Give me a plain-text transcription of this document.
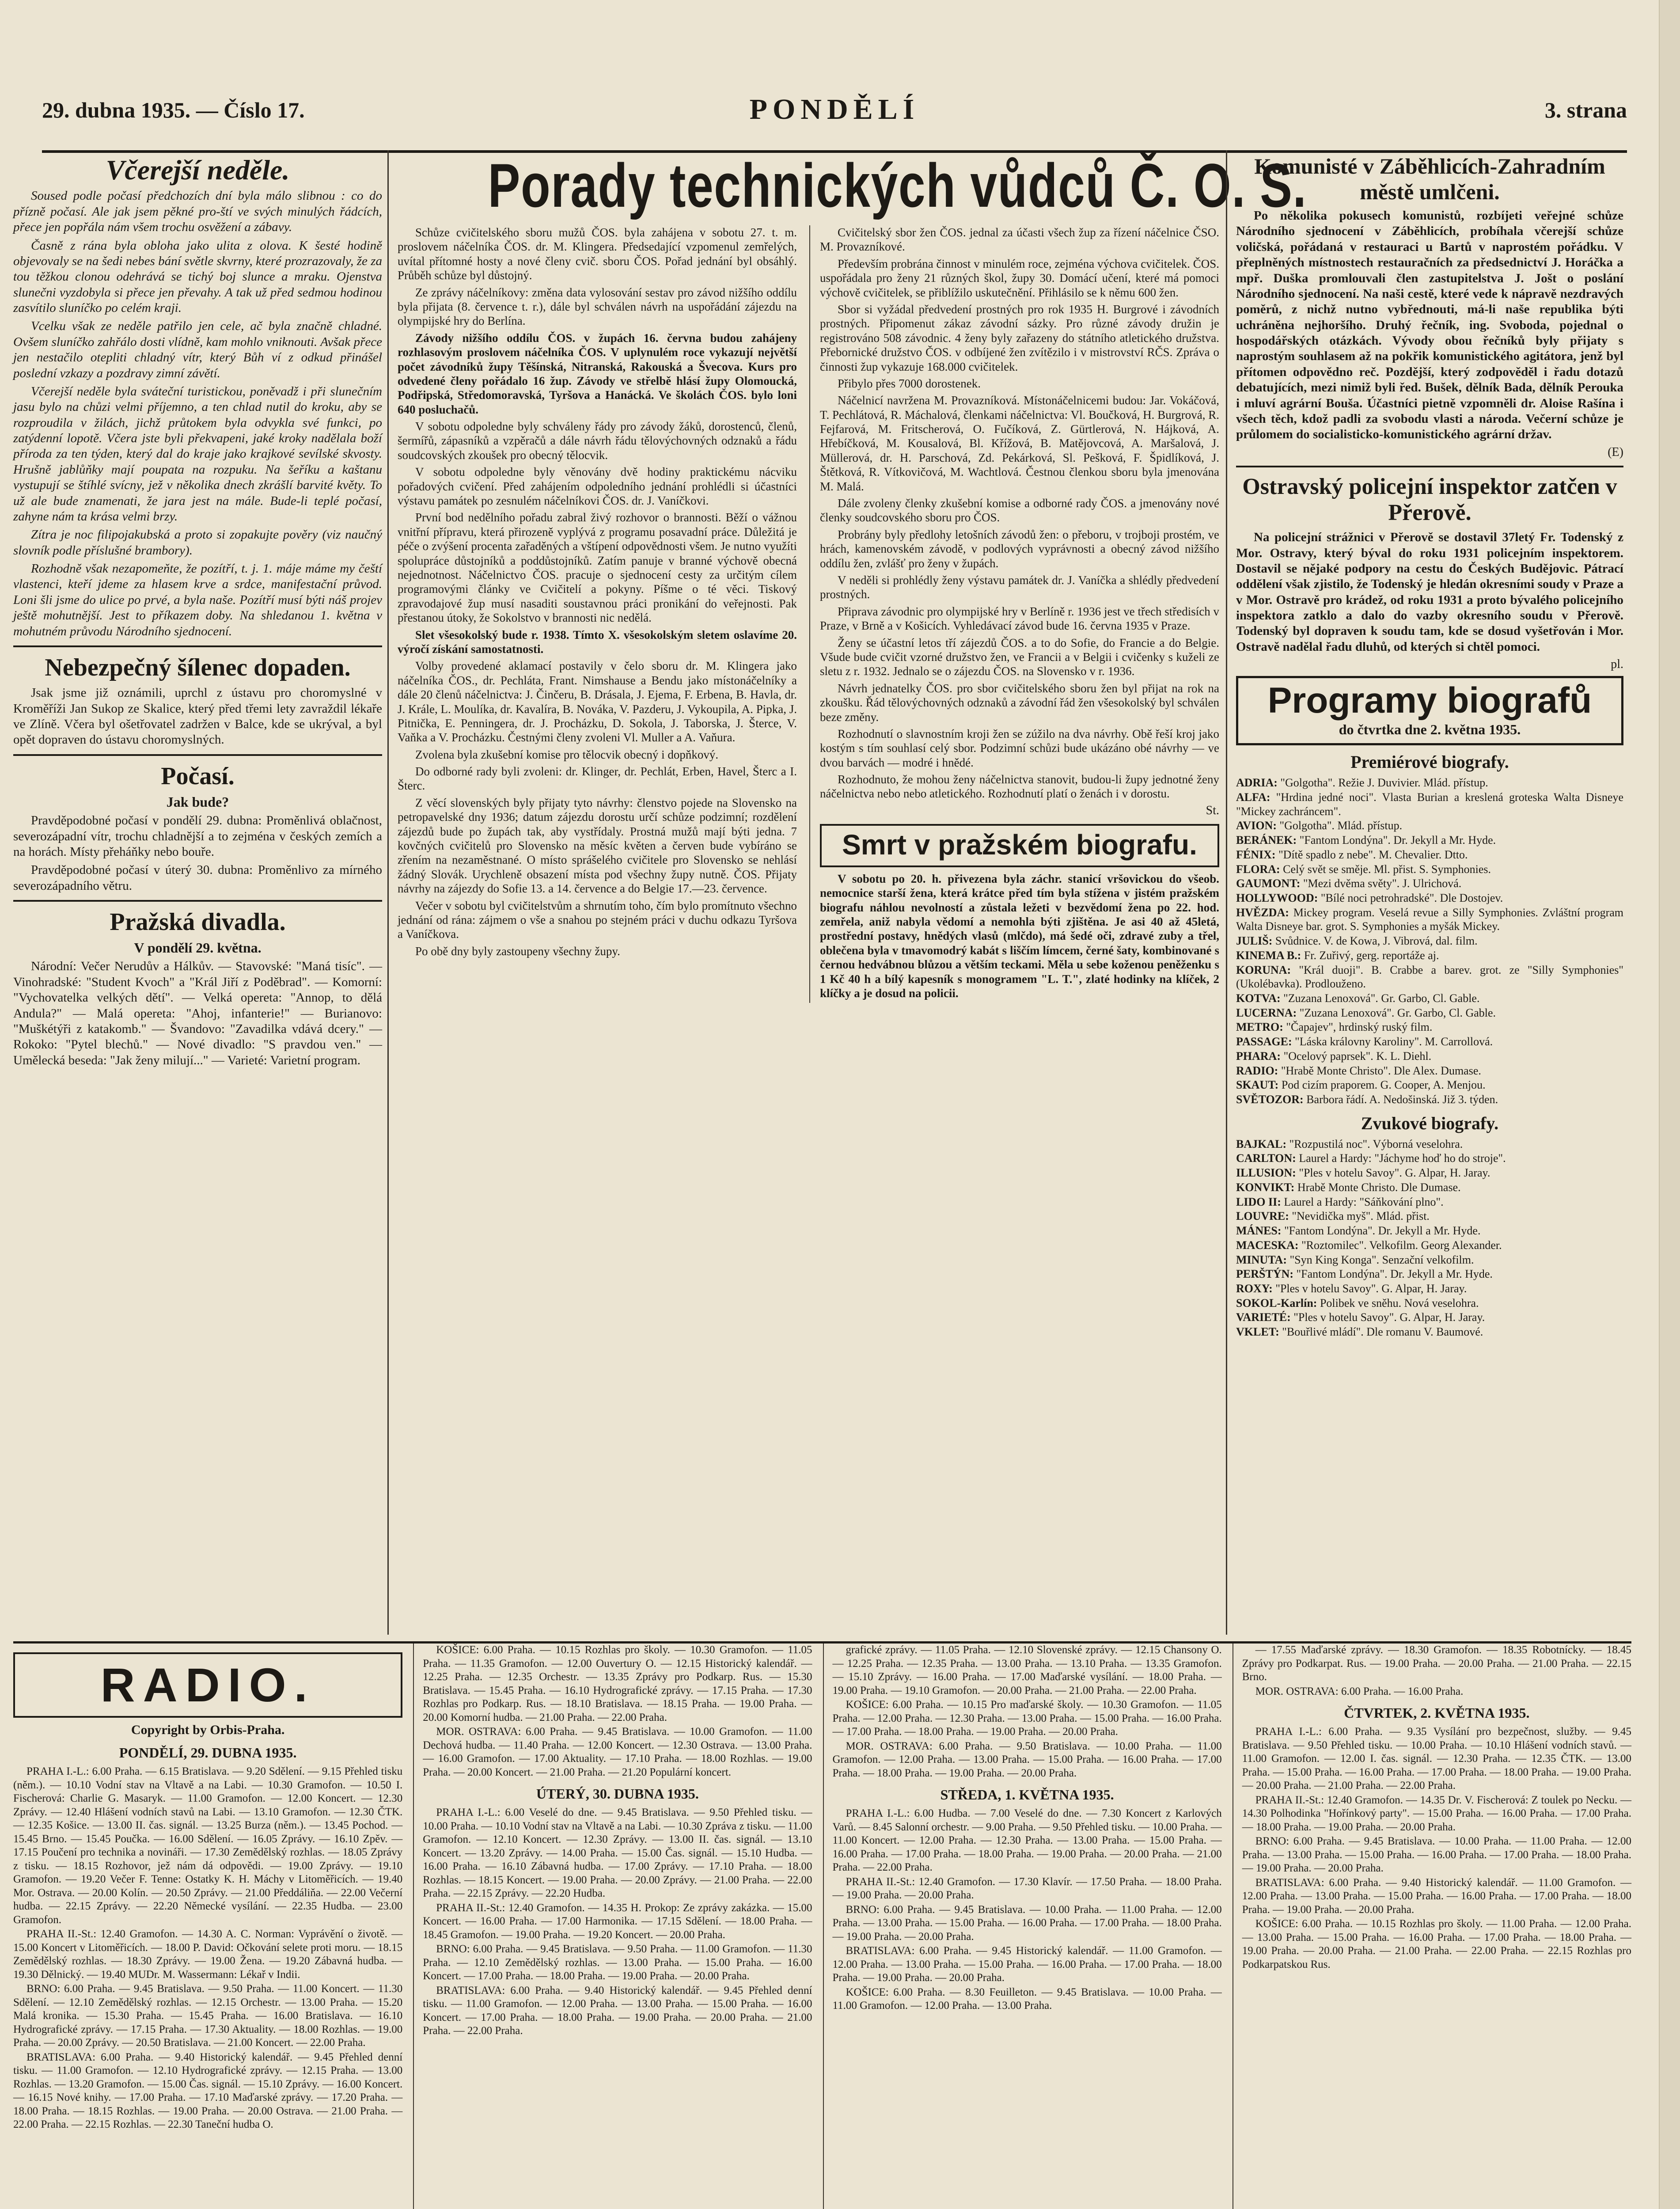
29. dubna 1935. — Číslo 17.	PONDĚLÍ	3. strana
Včerejší neděle.

Soused podle počasí předchozích dní byla málo slibnou : co do přízně počasí. Ale jak jsem pěkné pro-ští ve svých minulých řádcích, přece jen popřála nám všem trochu osvěžení a zábavy.

Časně z rána byla obloha jako ulita z olova. K šesté hodině objevovaly se na šedi nebes bání světle skvrny, které prozrazovaly, že za tou těžkou clonou odehrává se tichý boj slunce a mraku. Ojenstva slunečni vyzdobyla si přece jen převahy. A tak už před sedmou hodinou zasvítilo sluníčko po celém kraji.

Vcelku však ze neděle patřilo jen cele, ač byla značně chladné. Ovšem sluníčko zahřálo dosti vlídně, kam mohlo vniknouti. Avšak přece jen nestačilo otepliti chladný vítr, který Bůh ví z odkud přinášel poslední vzkazy a pozdravy zimní závětí.

Včerejší neděle byla sváteční turistickou, poněvadž i při slunečním jasu bylo na chůzi velmi příjemno, a ten chlad nutil do kroku, aby se rozproudila v žilách, jichž průtokem byla odvykla své funkci, po zatýdenní lopotě. Včera jste byli překvapeni, jaké kroky nadělala boží příroda za ten týden, který dal do kraje jako krajkové sevílské skvosty. Hrušně jablůňky mají poupata na rozpuku. Na šeříku a kaštanu vystupují se štíhlé svícny, jež v několika dnech zkrášlí barvité květy. To už ale bude znamenati, že jara jest na mále. Bude-li teplé počasí, zahyne nám ta krása velmi brzy.

Zítra je noc filipojakubská a proto si zopakujte pověry (viz naučný slovník podle příslušné brambory).

Rozhodně však nezapomeňte, že pozítří, t. j. 1. máje máme my čeští vlastenci, kteří jdeme za hlasem krve a srdce, manifestační průvod. Loni šli jsme do ulice po prvé, a byla naše. Pozítří musí býti náš projev ještě mohutnější. Jest to příkazem doby. Na shledanou 1. května v mohutném průvodu Národního sjednocení.

Nebezpečný šílenec dopaden.

Jsak jsme již oznámili, uprchl z ústavu pro choromyslné v Kroměříži Jan Sukop ze Skalice, který před třemi lety zavraždil lékaře ve Zlíně. Včera byl ošetřovatel zadržen v Balce, kde se ukrýval, a byl opět dopraven do ústavu choromyslných.

Počasí.
Jak bude?

Pravděpodobné počasí v pondělí 29. dubna: Proměnlivá oblačnost, severozápadní vítr, trochu chladnější a to zejména v českých zemích a na horách. Místy přeháňky nebo bouře.

Pravděpodobné počasí v úterý 30. dubna: Proměnlivo za mírného severozápadního větru.

Pražská divadla.
V pondělí 29. května.

Národní: Večer Nerudův a Hálkův. — Stavovské: "Maná tisíc". — Vinohradské: "Student Kvoch" a "Král Jiří z Poděbrad". — Komorní: "Vychovatelka velkých dětí". — Velká opereta: "Annop, to dělá Andula?" — Malá opereta: "Ahoj, infanterie!" — Burianovo: "Muškétýři z katakomb." — Švandovo: "Zavadilka vdává dcery." — Rokoko: "Pytel blechů." — Nové divadlo: "S pravdou ven." — Umělecká beseda: "Jak ženy milují..." — Varieté: Varietní program.

Porady technických vůdců Č. O. S.

Schůze cvičitelského sboru mužů ČOS. byla zahájena v sobotu 27. t. m. proslovem náčelníka ČOS. dr. M. Klingera. Předsedající vzpomenul zemřelých, uvítal přítomné hosty a nové členy cvič. sboru ČOS. Pořad jednání byl obsáhlý. Průběh schůze byl důstojný.

Ze zprávy náčelníkovy: změna data vylosování sestav pro závod nižšího oddílu byla přijata (8. července t. r.), dále byl schválen návrh na uspořádání zájezdu na olympijské hry do Berlína.

Závody nižšího oddílu ČOS. v župách 16. června budou zahájeny rozhlasovým proslovem náčelníka ČOS. V uplynulém roce vykazují největší počet závodníků župy Těšínská, Nitranská, Rakouská a Švecova. Kurs pro odvedené členy pořádalo 16 žup. Závody ve střelbě hlásí župy Olomoucká, Podřipská, Středomoravská, Tyršova a Hanácká. Ve školách ČOS. bylo loni 640 posluchačů.

V sobotu odpoledne byly schváleny řády pro závody žáků, dorostenců, členů, šermířů, zápasníků a vzpěračů a dále návrh řádu tělovýchovných odznaků a řádu soudcovských zkoušek pro obecný tělocvik.

V sobotu odpoledne byly věnovány dvě hodiny praktickému nácviku pořadových cvičení. Před zahájením odpoledního jednání prohlédli si účastníci výstavu památek po zesnulém náčelníkovi ČOS. dr. J. Vaníčkovi.

První bod nedělního pořadu zabral živý rozhovor o brannosti. Běží o vážnou vnitřní přípravu, která přirozeně vyplývá z programu posavadní práce. Důležitá je péče o zvýšení procenta zařaděných a vštípení odpovědnosti všem. Je nutno využíti spolupráce důstojníků a poddůstojníků. Zatím panuje v branné výchově obecná nejednotnost. Náčelnictvo ČOS. pracuje o sjednocení cesty za určitým cílem programovými články ve Cvičitelí a pokyny. Píšme o té věci. Tiskový zpravodajové žup musí nasaditi soustavnou práci pronikání do veřejnosti. Pak přestanou útoky, že Sokolstvo v brannosti nic nedělá.

Slet všesokolský bude r. 1938. Tímto X. všesokolským sletem oslavíme 20. výročí získání samostatnosti.

Volby provedené aklamací postavily v čelo sboru dr. M. Klingera jako náčelníka ČOS., dr. Pechláta, Frant. Nimshause a Bendu jako místonáčelníky a dále 20 členů náčelnictva: J. Činčeru, B. Drásala, J. Ejema, F. Erbena, B. Havla, dr. J. Krále, L. Moulíka, dr. Kavalíra, B. Nováka, V. Pazderu, J. Vykoupila, A. Pipka, J. Pitnička, E. Penningera, dr. J. Procházku, D. Sokola, J. Taborska, J. Šterce, V. Vaňka a V. Procházku. Čestnými členy zvoleni Vl. Muller a A. Vaňura.

Zvolena byla zkušební komise pro tělocvik obecný i dopňkový.

Do odborné rady byli zvoleni: dr. Klinger, dr. Pechlát, Erben, Havel, Šterc a I. Šterc.

Z věcí slovenských byly přijaty tyto návrhy: členstvo pojede na Slovensko na petropavelské dny 1936; datum zájezdu dorostu určí schůze podzimní; rozdělení zájezdů bude po župách tak, aby vystřídaly. Prostná mužů mají býti jedna. 7 kovčných cvičitelů pro Slovensko na měsíc květen a červen bude vybíráno se zřením na nezaměstnané. O místo sprášelého cvičitele pro Slovensko se nehlásí žádný Slovák. Urychleně obsazení místa pod všechny župy nutně. ČOS. Přijaty návrhy na zájezdy do Sofie 13. a 14. července a do Belgie 17.—23. července.

Večer v sobotu byl cvičitelstvům a shrnutím toho, čím bylo promítnuto všechno jednání od rána: zájmem o vše a snahou po stejném práci v duchu odkazu Tyršova a Vaníčkova.

Po obě dny byly zastoupeny všechny župy.

Cvičitelský sbor žen ČOS. jednal za účasti všech žup za řízení náčelnice ČSO. M. Provazníkové.

Především probrána činnost v minulém roce, zejména výchova cvičitelek. ČOS. uspořádala pro ženy 21 různých škol, župy 30. Domácí učení, které má pomoci výchově cvičitelek, se přiblížilo uskutečnění. Přihlásilo se k němu 600 žen.

Sbor si vyžádal předvedení prostných pro rok 1935 H. Burgrové i závodních prostných. Připomenut zákaz závodní sázky. Pro různé závody družin je registrováno 508 závodnic. 4 ženy byly zařazeny do státního atletického družstva. Přebornické družstvo ČOS. v odbíjené žen zvítězilo i v mistrovství RČS. Zpráva o činnosti žup vykazuje 168.000 cvičitelek.

Přibylo přes 7000 dorostenek.

Náčelnicí navržena M. Provazníková. Místonáčelnicemi budou: Jar. Vokáčová, T. Pechlátová, R. Máchalová, členkami náčelnictva: Vl. Boučková, H. Burgrová, R. Fejfarová, M. Fritscherová, O. Fučíková, Z. Gürtlerová, N. Hájková, A. Hřebíčková, M. Kousalová, Bl. Křížová, B. Matějovcová, A. Maršalová, J. Müllerová, dr. H. Parschová, Zd. Pekárková, Sl. Pešková, F. Špidlíková, J. Štětková, R. Vítkovičová, M. Wachtlová. Čestnou členkou sboru byla jmenována M. Malá.

Dále zvoleny členky zkušební komise a odborné rady ČOS. a jmenovány nové členky soudcovského sboru pro ČOS.

Probrány byly předlohy letošních závodů žen: o přeboru, v trojboji prostém, ve hrách, kamenovském závodě, v podlových vyprávnosti a obecný závod nižšího oddílu žen, zvlášť pro ženy v župách.

V neděli si prohlédly ženy výstavu památek dr. J. Vaníčka a shlédly předvedení prostných.

Připrava závodnic pro olympijské hry v Berlíně r. 1936 jest ve třech středisích v Praze, v Brně a v Košicích. Vyhledávací závod bude 16. června 1935 v Praze.

Ženy se účastní letos tří zájezdů ČOS. a to do Sofie, do Francie a do Belgie. Všude bude cvičit vzorné družstvo žen, ve Francii a v Belgii i cvičenky s kuželi ze sletu z r. 1932. Jednalo se o zájezdu ČOS. na Slovensko v r. 1936.

Návrh jednatelky ČOS. pro sbor cvičitelského sboru žen byl přijat na rok na zkoušku. Řád tělovýchovných odznaků a závodní řád žen všesokolský byl schválen beze změny.

Rozhodnutí o slavnostním kroji žen se zúžilo na dva návrhy. Obě řeší kroj jako kostým s tím souhlasí celý sbor. Podzimní schůzi bude ukázáno obé návrhy — ve dvou barvách — modré i hnědé.

Rozhodnuto, že mohou ženy náčelnictva stanovit, budou-li župy jednotné ženy náčelnictva nebo nebo atletického. Rozhodnutí platí o ženách i v dorostu.

St.
Smrt v pražském biografu.

V sobotu po 20. h. přivezena byla záchr. stanicí vršovickou do všeob. nemocnice starší žena, která krátce před tím byla stížena v jistém pražském biografu náhlou nevolností a zůstala ležeti v bezvědomí žena po 22. hod. zemřela, aniž nabyla vědomí a nemohla býti zjištěna. Je asi 40 až 45letá, prostřední postavy, hnědých vlasů (mlčdo), má šedé oči, zdravé zuby a třel, oblečena byla v tmavomodrý kabát s liščím límcem, černé šaty, kombinované s černou hedvábnou blůzou a větším teckami. Měla u sebe koženou peněženku s 1 Kč 40 h a bílý kapesník s monogramem "L. T.", zlaté hodinky na klíček, 2 klíčky a je dosud na policii.

Komunisté v Záběhlicích-Zahradním městě umlčeni.

Po několika pokusech komunistů, rozbíjeti veřejné schůze Národního sjednocení v Záběhlicích, probíhala včerejší schůze voličská, pořádaná v restauraci u Bartů v naprostém pořádku. V přeplněných místnostech restauračních za předsednictví J. Horáčka a mpř. Duška promlouvali člen zastupitelstva J. Jošt o poslání Národního sjednocení. Na naši cestě, které vede k nápravě nezdravých poměrů, z nichž nutno vybřednouti, má-li naše republika býti uchráněna nejhoršího. Druhý řečník, ing. Svoboda, pojednal o hospodářských otázkách. Vývody obou řečníků byly přijaty s naprostým souhlasem až na pokřik komunistického agitátora, jenž byl přítomen odpovědno reč. Pozdější, který zodpověděl i řadu dotazů debatujících, mezi nimiž byli řed. Bušek, dělník Bada, dělník Perouka i mluví agrární Bouša. Účastníci pietně vzpomněli dr. Aloise Rašína i všech těch, kdož padli za svobodu vlasti a národa. Večerní schůze je průlomem do socialisticko-komunistického agrární držav.

(E)
Ostravský policejní inspektor zatčen v Přerově.

Na policejní strážnici v Přerově se dostavil 37letý Fr. Todenský z Mor. Ostravy, který býval do roku 1931 policejním inspektorem. Dostavil se nějaké podpory na cestu do Českých Budějovic. Pátrací oddělení však zjistilo, že Todenský je hledán okresními soudy v Praze a v Mor. Ostravě pro krádež, od roku 1931 a proto bývalého policejního inspektora zatklo a dalo do vazby okresního soudu v Přerově. Todenský byl dopraven k soudu tam, kde se dosud vyšetřován i Mor. Ostravě nadělal řadu dluhů, od kterých si chtěl pomoci.

pl.
Programy biografů
do čtvrtka dne 2. května 1935.
Premiérové biografy.
ADRIA: "Golgotha". Režie J. Duvivier. Mlád. přístup.
ALFA: "Hrdina jedné noci". Vlasta Burian a kreslená groteska Walta Disneye "Mickey zachráncem".
AVION: "Golgotha". Mlád. přístup.
BERÁNEK: "Fantom Londýna". Dr. Jekyll a Mr. Hyde.
FÉNIX: "Dítě spadlo z nebe". M. Chevalier. Dtto.
FLORA: Celý svět se směje. Ml. přist. S. Symphonies.
GAUMONT: "Mezi dvěma světy". J. Ulrichová.
HOLLYWOOD: "Bílé noci petrohradské". Dle Dostojev.
HVĚZDA: Mickey program. Veselá revue a Silly Symphonies. Zvláštní program Walta Disneye bar. grot. S. Symphonies a myšák Mickey.
JULIŠ: Svůdnice. V. de Kowa, J. Vibrová, dal. film.
KINEMA B.: Fr. Zuřivý, gerg. reportáže aj.
KORUNA: "Král duoji". B. Crabbe a barev. grot. ze "Silly Symphonies" (Ukolébavka). Prodlouženo.
KOTVA: "Zuzana Lenoxová". Gr. Garbo, Cl. Gable.
LUCERNA: "Zuzana Lenoxová". Gr. Garbo, Cl. Gable.
METRO: "Čapajev", hrdinský ruský film.
PASSAGE: "Láska královny Karoliny". M. Carrollová.
PHARA: "Ocelový paprsek". K. L. Diehl.
RADIO: "Hrabě Monte Christo". Dle Alex. Dumase.
SKAUT: Pod cizím praporem. G. Cooper, A. Menjou.
SVĚTOZOR: Barbora řádí. A. Nedošinská. Již 3. týden.
Zvukové biografy.
BAJKAL: "Rozpustilá noc". Výborná veselohra.
CARLTON: Laurel a Hardy: "Jáchyme hoď ho do stroje".
ILLUSION: "Ples v hotelu Savoy". G. Alpar, H. Jaray.
KONVIKT: Hrabě Monte Christo. Dle Dumase.
LIDO II: Laurel a Hardy: "Sáňkování plno".
LOUVRE: "Nevidička myš". Mlád. přist.
MÁNES: "Fantom Londýna". Dr. Jekyll a Mr. Hyde.
MACESKA: "Roztomilec". Velkofilm. Georg Alexander.
MINUTA: "Syn King Konga". Senzační velkofilm.
PERŠTÝN: "Fantom Londýna". Dr. Jekyll a Mr. Hyde.
ROXY: "Ples v hotelu Savoy". G. Alpar, H. Jaray.
SOKOL-Karlín: Polibek ve sněhu. Nová veselohra.
VARIETÉ: "Ples v hotelu Savoy". G. Alpar, H. Jaray.
VKLET: "Bouřlivé mládí". Dle romanu V. Baumové.
RADIO.
Copyright by Orbis-Praha.
PONDĚLÍ, 29. DUBNA 1935.

PRAHA I.-L.: 6.00 Praha. — 6.15 Bratislava. — 9.20 Sdělení. — 9.15 Přehled tisku (něm.). — 10.10 Vodní stav na Vltavě a na Labi. — 10.30 Gramofon. — 10.50 I. Fischerová: Charlie G. Masaryk. — 11.00 Gramofon. — 12.00 Koncert. — 12.30 Zprávy. — 12.40 Hlášení vodních stavů na Labi. — 13.10 Gramofon. — 12.30 ČTK. — 12.35 Košice. — 13.00 II. čas. signál. — 13.25 Burza (něm.). — 13.45 Pochod. — 15.45 Brno. — 15.45 Poučka. — 16.00 Sdělení. — 16.05 Zprávy. — 16.10 Zpěv. — 17.15 Poučení pro technika a novináři. — 17.30 Zemědělský rozhlas. — 18.05 Zprávy z tisku. — 18.15 Rozhovor, jež nám dá odpovědi. — 19.00 Zprávy. — 19.10 Gramofon. — 19.20 Večer F. Tenne: Ostatky K. H. Máchy v Litoměřicích. — 19.40 Mor. Ostrava. — 20.00 Kolín. — 20.50 Zprávy. — 21.00 Předdáliňa. — 22.00 Večerní hudba. — 22.15 Zprávy. — 22.20 Německé vysílání. — 22.35 Hudba. — 23.00 Gramofon.

PRAHA II.-St.: 12.40 Gramofon. — 14.30 A. C. Norman: Vyprávění o životě. — 15.00 Koncert v Litoměřicích. — 18.00 P. David: Očkování selete proti moru. — 18.15 Zemědělský rozhlas. — 18.30 Zprávy. — 19.00 Žena. — 19.20 Zábavná hudba. — 19.30 Dělnický. — 19.40 MUDr. M. Wassermann: Lékař v Indii.

BRNO: 6.00 Praha. — 9.45 Bratislava. — 9.50 Praha. — 11.00 Koncert. — 11.30 Sdělení. — 12.10 Zemědělský rozhlas. — 12.15 Orchestr. — 13.00 Praha. — 15.20 Malá kronika. — 15.30 Praha. — 15.45 Praha. — 16.00 Bratislava. — 16.10 Hydrografické zprávy. — 17.15 Praha. — 17.30 Aktuality. — 18.00 Rozhlas. — 19.00 Praha. — 20.00 Zprávy. — 20.50 Bratislava. — 21.00 Koncert. — 22.00 Praha.

BRATISLAVA: 6.00 Praha. — 9.40 Historický kalendář. — 9.45 Přehled denní tisku. — 11.00 Gramofon. — 12.10 Hydrografické zprávy. — 12.15 Praha. — 13.00 Rozhlas. — 13.20 Gramofon. — 15.00 Čas. signál. — 15.10 Zprávy. — 16.00 Koncert. — 16.15 Nové knihy. — 17.00 Praha. — 17.10 Maďarské zprávy. — 17.20 Praha. — 18.00 Praha. — 18.15 Rozhlas. — 19.00 Praha. — 20.00 Ostrava. — 21.00 Praha. — 22.00 Praha. — 22.15 Rozhlas. — 22.30 Taneční hudba O.

KOŠICE: 6.00 Praha. — 10.15 Rozhlas pro školy. — 10.30 Gramofon. — 11.05 Praha. — 11.35 Gramofon. — 12.00 Ouvertury O. — 12.15 Historický kalendář. — 12.25 Praha. — 12.35 Orchestr. — 13.35 Zprávy pro Podkarp. Rus. — 15.30 Bratislava. — 15.45 Praha. — 16.10 Hydrografické zprávy. — 17.15 Praha. — 17.30 Rozhlas pro Podkarp. Rus. — 18.10 Bratislava. — 18.15 Praha. — 19.00 Praha. — 20.00 Komorní hudba. — 21.00 Praha. — 22.00 Praha.

MOR. OSTRAVA: 6.00 Praha. — 9.45 Bratislava. — 10.00 Gramofon. — 11.00 Dechová hudba. — 11.40 Praha. — 12.00 Koncert. — 12.30 Ostrava. — 13.00 Praha. — 16.00 Gramofon. — 17.00 Aktuality. — 17.10 Praha. — 18.00 Rozhlas. — 19.00 Praha. — 20.00 Koncert. — 21.00 Praha. — 21.20 Populární koncert.

ÚTERÝ, 30. DUBNA 1935.

PRAHA I.-L.: 6.00 Veselé do dne. — 9.45 Bratislava. — 9.50 Přehled tisku. — 10.00 Praha. — 10.10 Vodní stav na Vltavě a na Labi. — 10.30 Zpráva z tisku. — 11.00 Gramofon. — 12.10 Koncert. — 12.30 Zprávy. — 13.00 II. čas. signál. — 13.10 Koncert. — 13.20 Zprávy. — 14.00 Praha. — 15.00 Čas. signál. — 15.10 Hudba. — 16.00 Praha. — 16.10 Zábavná hudba. — 17.00 Zprávy. — 17.10 Praha. — 18.00 Rozhlas. — 18.15 Koncert. — 19.00 Praha. — 20.00 Zprávy. — 21.00 Praha. — 22.00 Praha. — 22.15 Zprávy. — 22.20 Hudba.

PRAHA II.-St.: 12.40 Gramofon. — 14.35 H. Prokop: Ze zprávy zakázka. — 15.00 Koncert. — 16.00 Praha. — 17.00 Harmonika. — 17.15 Sdělení. — 18.00 Praha. — 18.45 Gramofon. — 19.00 Praha. — 19.20 Koncert. — 20.00 Praha.

BRNO: 6.00 Praha. — 9.45 Bratislava. — 9.50 Praha. — 11.00 Gramofon. — 11.30 Praha. — 12.10 Zemědělský rozhlas. — 13.00 Praha. — 15.00 Praha. — 16.00 Koncert. — 17.00 Praha. — 18.00 Praha. — 19.00 Praha. — 20.00 Praha.

BRATISLAVA: 6.00 Praha. — 9.40 Historický kalendář. — 9.45 Přehled denní tisku. — 11.00 Gramofon. — 12.00 Praha. — 13.00 Praha. — 15.00 Praha. — 16.00 Koncert. — 17.00 Praha. — 18.00 Praha. — 19.00 Praha. — 20.00 Praha. — 21.00 Praha. — 22.00 Praha.

grafické zprávy. — 11.05 Praha. — 12.10 Slovenské zprávy. — 12.15 Chansony O. — 12.25 Praha. — 12.35 Praha. — 13.00 Praha. — 13.10 Praha. — 13.35 Gramofon. — 15.10 Zprávy. — 16.00 Praha. — 17.00 Maďarské vysílání. — 18.00 Praha. — 19.00 Praha. — 19.10 Gramofon. — 20.00 Praha. — 21.00 Praha. — 22.00 Praha.

KOŠICE: 6.00 Praha. — 10.15 Pro maďarské školy. — 10.30 Gramofon. — 11.05 Praha. — 12.00 Praha. — 12.30 Praha. — 13.00 Praha. — 15.00 Praha. — 16.00 Praha. — 17.00 Praha. — 18.00 Praha. — 19.00 Praha. — 20.00 Praha.

MOR. OSTRAVA: 6.00 Praha. — 9.50 Bratislava. — 10.00 Praha. — 11.00 Gramofon. — 12.00 Praha. — 13.00 Praha. — 15.00 Praha. — 16.00 Praha. — 17.00 Praha. — 18.00 Praha. — 19.00 Praha. — 20.00 Praha.

STŘEDA, 1. KVĚTNA 1935.

PRAHA I.-L.: 6.00 Hudba. — 7.00 Veselé do dne. — 7.30 Koncert z Karlových Varů. — 8.45 Salonní orchestr. — 9.00 Praha. — 9.50 Přehled tisku. — 10.00 Praha. — 11.00 Koncert. — 12.00 Praha. — 12.30 Praha. — 13.00 Praha. — 15.00 Praha. — 16.00 Praha. — 17.00 Praha. — 18.00 Praha. — 19.00 Praha. — 20.00 Praha. — 21.00 Praha. — 22.00 Praha.

PRAHA II.-St.: 12.40 Gramofon. — 17.30 Klavír. — 17.50 Praha. — 18.00 Praha. — 19.00 Praha. — 20.00 Praha.

BRNO: 6.00 Praha. — 9.45 Bratislava. — 10.00 Praha. — 11.00 Praha. — 12.00 Praha. — 13.00 Praha. — 15.00 Praha. — 16.00 Praha. — 17.00 Praha. — 18.00 Praha. — 19.00 Praha. — 20.00 Praha.

BRATISLAVA: 6.00 Praha. — 9.45 Historický kalendář. — 11.00 Gramofon. — 12.00 Praha. — 13.00 Praha. — 15.00 Praha. — 16.00 Praha. — 17.00 Praha. — 18.00 Praha. — 19.00 Praha. — 20.00 Praha.

KOŠICE: 6.00 Praha. — 8.30 Feuilleton. — 9.45 Bratislava. — 10.00 Praha. — 11.00 Gramofon. — 12.00 Praha. — 13.00 Praha.

— 17.55 Maďarské zprávy. — 18.30 Gramofon. — 18.35 Robotnícky. — 18.45 Zprávy pro Podkarpat. Rus. — 19.00 Praha. — 20.00 Praha. — 21.00 Praha. — 22.15 Brno.

MOR. OSTRAVA: 6.00 Praha. — 16.00 Praha.

ČTVRTEK, 2. KVĚTNA 1935.

PRAHA I.-L.: 6.00 Praha. — 9.35 Vysílání pro bezpečnost, služby. — 9.45 Bratislava. — 9.50 Přehled tisku. — 10.00 Praha. — 10.10 Hlášení vodních stavů. — 11.00 Gramofon. — 12.00 I. čas. signál. — 12.30 Praha. — 12.35 ČTK. — 13.00 Praha. — 15.00 Praha. — 16.00 Praha. — 17.00 Praha. — 18.00 Praha. — 19.00 Praha. — 20.00 Praha. — 21.00 Praha. — 22.00 Praha.

PRAHA II.-St.: 12.40 Gramofon. — 14.35 Dr. V. Fischerová: Z toulek po Necku. — 14.30 Polhodinka "Hořínkový party". — 15.00 Praha. — 16.00 Praha. — 17.00 Praha. — 18.00 Praha. — 19.00 Praha. — 20.00 Praha.

BRNO: 6.00 Praha. — 9.45 Bratislava. — 10.00 Praha. — 11.00 Praha. — 12.00 Praha. — 13.00 Praha. — 15.00 Praha. — 16.00 Praha. — 17.00 Praha. — 18.00 Praha. — 19.00 Praha. — 20.00 Praha.

BRATISLAVA: 6.00 Praha. — 9.40 Historický kalendář. — 11.00 Gramofon. — 12.00 Praha. — 13.00 Praha. — 15.00 Praha. — 16.00 Praha. — 17.00 Praha. — 18.00 Praha. — 19.00 Praha. — 20.00 Praha.

KOŠICE: 6.00 Praha. — 10.15 Rozhlas pro školy. — 11.00 Praha. — 12.00 Praha. — 13.00 Praha. — 15.00 Praha. — 16.00 Praha. — 17.00 Praha. — 18.00 Praha. — 19.00 Praha. — 20.00 Praha. — 21.00 Praha. — 22.00 Praha. — 22.15 Rozhlas pro Podkarpatskou Rus.
